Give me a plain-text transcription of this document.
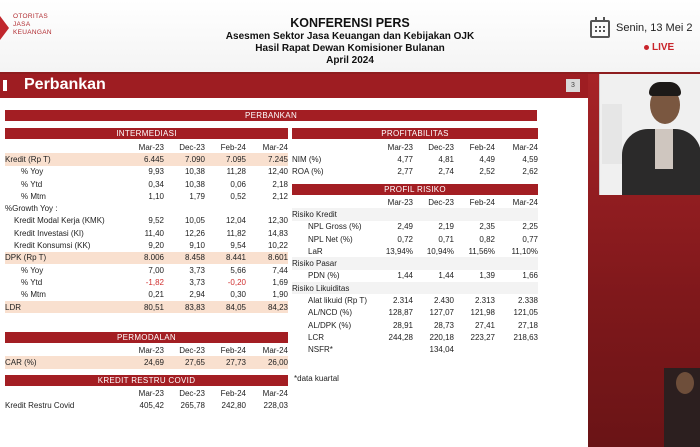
OTORITAS
JASA
KEUANGAN
KONFERENSI PERS
Asesmen Sektor Jasa Keuangan dan Kebijakan OJK
Hasil Rapat Dewan Komisioner Bulanan
April 2024
Senin, 13 Mei 2
LIVE
Perbankan	3
PERBANKAN
INTERMEDIASI
	Mar-23	Dec-23	Feb-24	Mar-24
Kredit (Rp T)	6.445	7.090	7.095	7.245
% Yoy	9,93	10,38	11,28	12,40
% Ytd	0,34	10,38	0,06	2,18
% Mtm	1,10	1,79	0,52	2,12
%Growth Yoy :				
Kredit Modal Kerja (KMK)	9,52	10,05	12,04	12,30
Kredit Investasi (KI)	11,40	12,26	11,82	14,83
Kredit Konsumsi (KK)	9,20	9,10	9,54	10,22
DPK (Rp T)	8.006	8.458	8.441	8.601
% Yoy	7,00	3,73	5,66	7,44
% Ytd	-1,82	3,73	-0,20	1,69
% Mtm	0,21	2,94	0,30	1,90
LDR	80,51	83,83	84,05	84,23
PERMODALAN
	Mar-23	Dec-23	Feb-24	Mar-24
CAR (%)	24,69	27,65	27,73	26,00
KREDIT RESTRU COVID
	Mar-23	Dec-23	Feb-24	Mar-24
Kredit Restru Covid	405,42	265,78	242,80	228,03
PROFITABILITAS
	Mar-23	Dec-23	Feb-24	Mar-24
NIM (%)	4,77	4,81	4,49	4,59
ROA (%)	2,77	2,74	2,52	2,62
PROFIL RISIKO
	Mar-23	Dec-23	Feb-24	Mar-24
Risiko Kredit				
NPL Gross (%)	2,49	2,19	2,35	2,25
NPL Net (%)	0,72	0,71	0,82	0,77
LaR	13,94%	10,94%	11,56%	11,10%
Risiko Pasar				
PDN (%)	1,44	1,44	1,39	1,66
Risiko Likuiditas				
Alat likuid (Rp T)	2.314	2.430	2.313	2.338
AL/NCD (%)	128,87	127,07	121,98	121,05
AL/DPK (%)	28,91	28,73	27,41	27,18
LCR	244,28	220,18	223,27	218,63
NSFR*		134,04		
*data kuartal
